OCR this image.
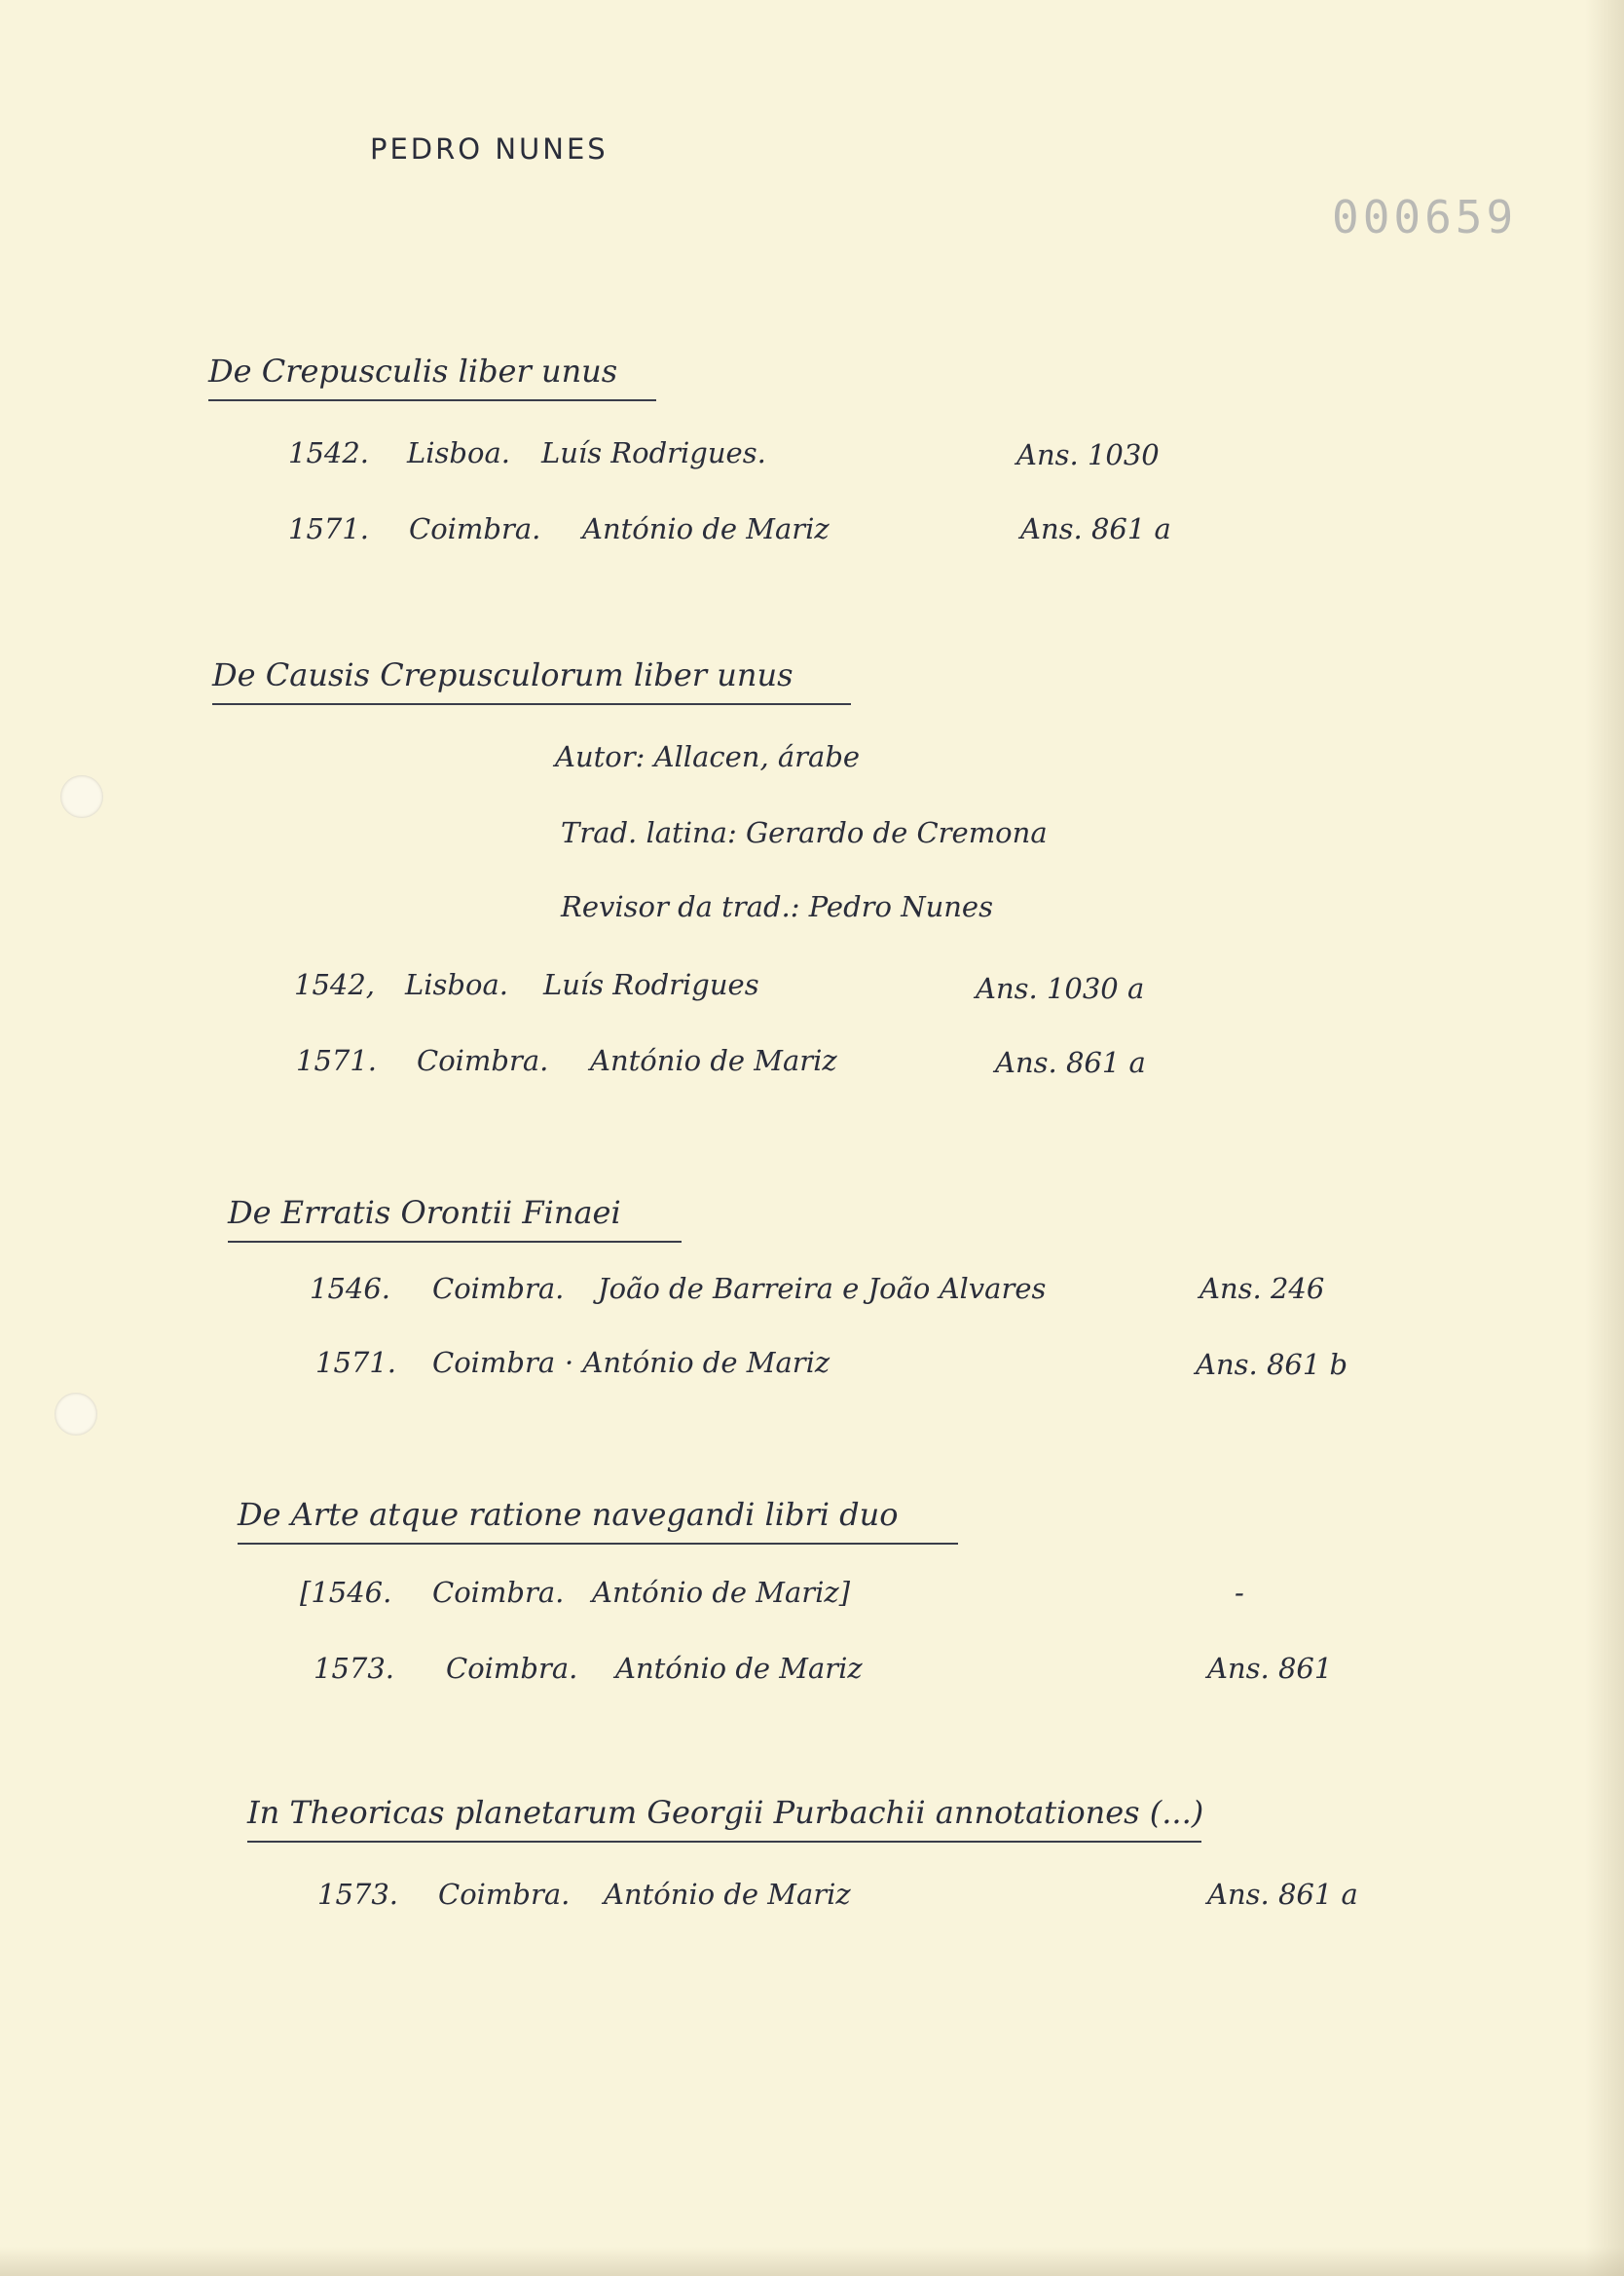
PEDRO NUNES
000659
De Crepusculis liber unus
1542. Lisboa. Luís Rodrigues.	Ans. 1030
1571. Coimbra. António de Mariz	Ans. 861 a
De Causis Crepusculorum liber unus
Autor: Allacen, árabe
Trad. latina: Gerardo de Cremona
Revisor da trad.: Pedro Nunes
1542, Lisboa. Luís Rodrigues	Ans. 1030 a
1571. Coimbra. António de Mariz	Ans. 861 a
De Erratis Orontii Finaei
1546. Coimbra. João de Barreira e João Alvares	Ans. 246
1571. Coimbra · António de Mariz	Ans. 861 b
De Arte atque ratione navegandi libri duo
[1546. Coimbra. António de Mariz]	-
1573. Coimbra. António de Mariz	Ans. 861
In Theoricas planetarum Georgii Purbachii annotationes (...)
1573. Coimbra. António de Mariz	Ans. 861 a
